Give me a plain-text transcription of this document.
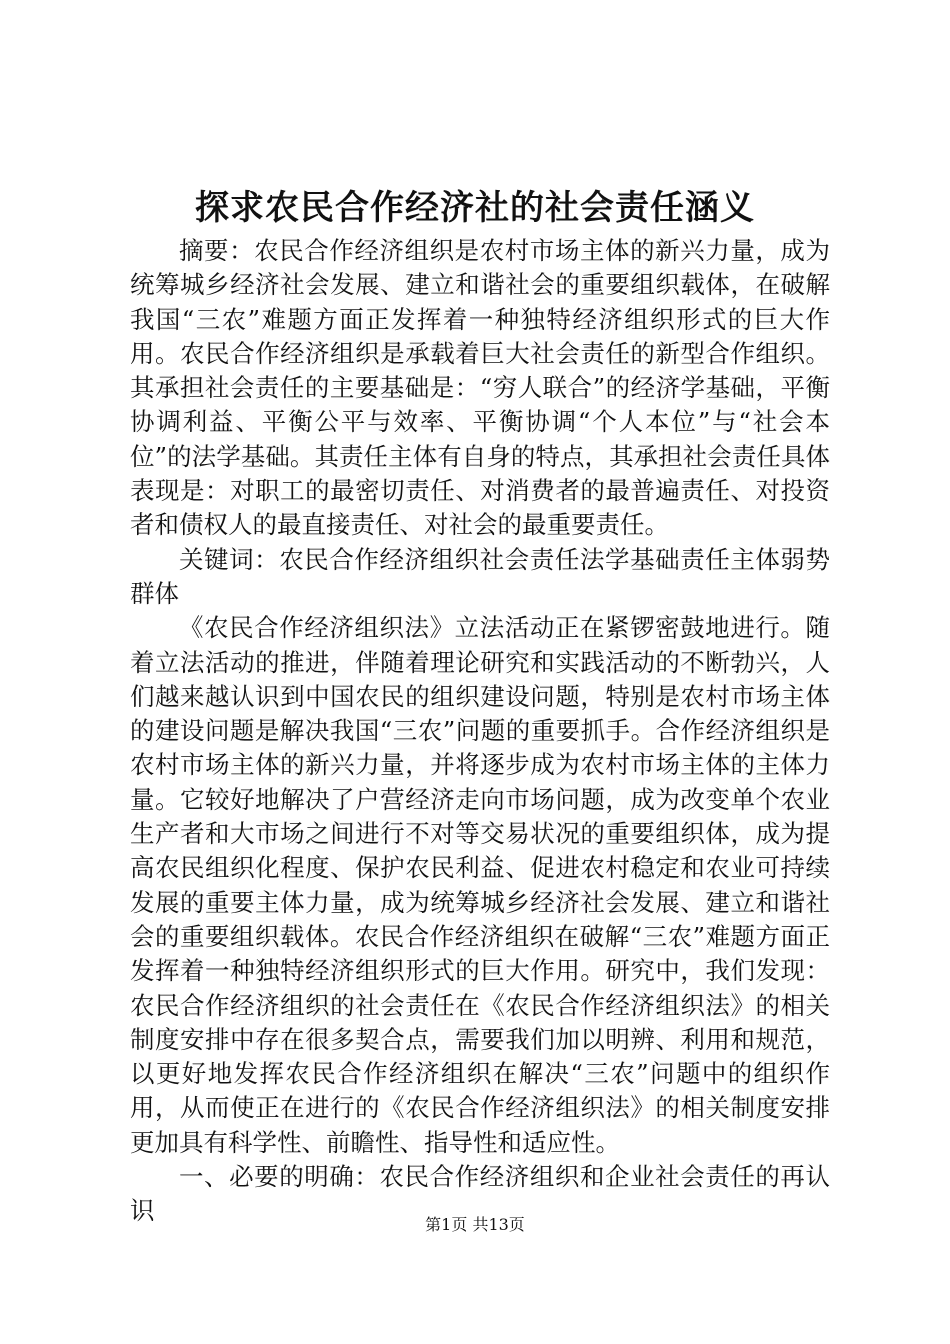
探求农民合作经济社的社会责任涵义

摘要：农民合作经济组织是农村市场主体的新兴力量，成为统筹城乡经济社会发展、建立和谐社会的重要组织载体，在破解我国“三农”难题方面正发挥着一种独特经济组织形式的巨大作用。农民合作经济组织是承载着巨大社会责任的新型合作组织。其承担社会责任的主要基础是：“穷人联合”的经济学基础，平衡协调利益、平衡公平与效率、平衡协调“个人本位”与“社会本位”的法学基础。其责任主体有自身的特点，其承担社会责任具体表现是：对职工的最密切责任、对消费者的最普遍责任、对投资者和债权人的最直接责任、对社会的最重要责任。

关键词：农民合作经济组织社会责任法学基础责任主体弱势群体

《农民合作经济组织法》立法活动正在紧锣密鼓地进行。随着立法活动的推进，伴随着理论研究和实践活动的不断勃兴，人们越来越认识到中国农民的组织建设问题，特别是农村市场主体的建设问题是解决我国“三农”问题的重要抓手。合作经济组织是农村市场主体的新兴力量，并将逐步成为农村市场主体的主体力量。它较好地解决了户营经济走向市场问题，成为改变单个农业生产者和大市场之间进行不对等交易状况的重要组织体，成为提高农民组织化程度、保护农民利益、促进农村稳定和农业可持续发展的重要主体力量，成为统筹城乡经济社会发展、建立和谐社会的重要组织载体。农民合作经济组织在破解“三农”难题方面正发挥着一种独特经济组织形式的巨大作用。研究中，我们发现：农民合作经济组织的社会责任在《农民合作经济组织法》的相关制度安排中存在很多契合点，需要我们加以明辨、利用和规范，以更好地发挥农民合作经济组织在解决“三农”问题中的组织作用，从而使正在进行的《农民合作经济组织法》的相关制度安排更加具有科学性、前瞻性、指导性和适应性。

一、必要的明确：农民合作经济组织和企业社会责任的再认识	第1页 共13页
